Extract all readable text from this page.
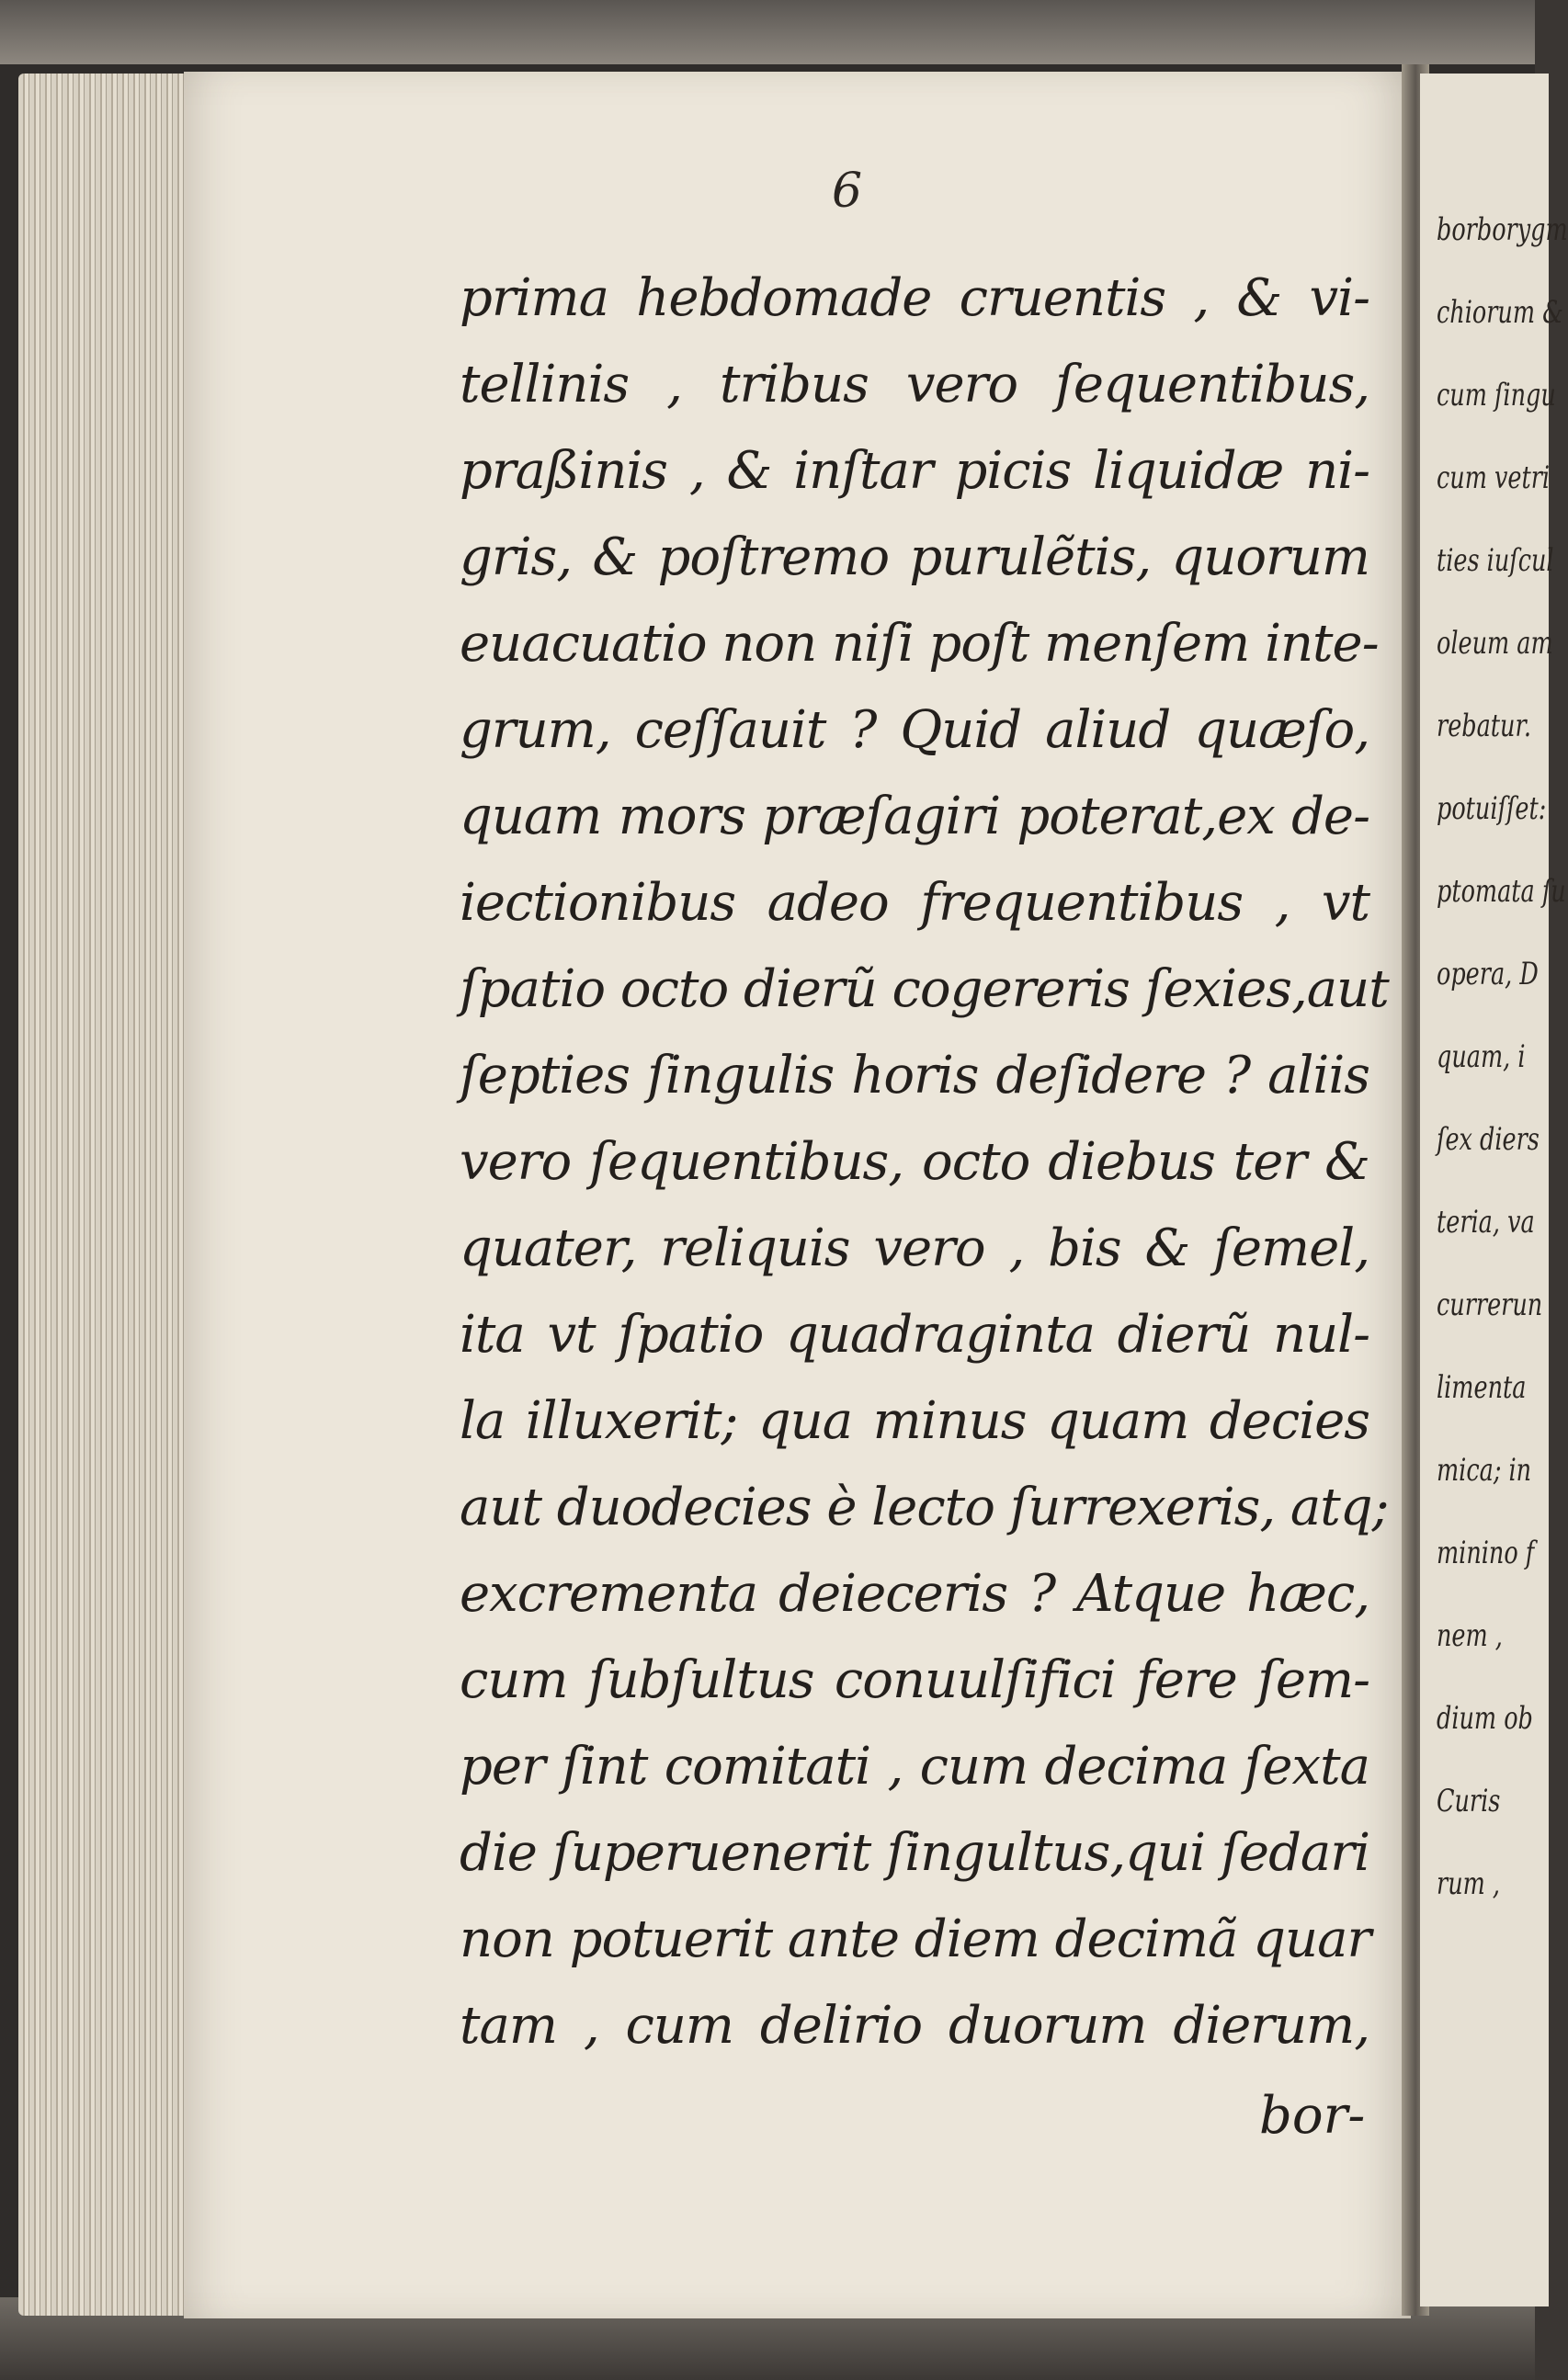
6
prima hebdomade cruentis , & vi-
tellinis , tribus vero ſequentibus,
praßinis , & inſtar picis liquidæ ni-
gris, & poſtremo purulẽtis, quorum
euacuatio non niſi poſt menſem inte-
grum, ceſſauit ? Quid aliud quæſo,
quam mors præſagiri poterat,ex de-
iectionibus adeo frequentibus , vt
ſpatio octo dierũ cogereris ſexies,aut
ſepties ſingulis horis deſidere ? aliis
vero ſequentibus, octo diebus ter &
quater, reliquis vero , bis & ſemel,
ita vt ſpatio quadraginta dierũ nul-
la illuxerit; qua minus quam decies
aut duodecies è lecto ſurrexeris, atq;
excrementa deieceris ? Atque hæc,
cum ſubſultus conuulſifici fere ſem-
per ſint comitati , cum decima ſexta
die ſuperuenerit ſingultus,qui ſedari
non potuerit ante diem decimã quar
tam , cum delirio duorum dierum,
bor-
borborygm
chiorum &
cum ſingu
cum vetri
ties iuſcul
oleum am
rebatur.
potuiſſet:
ptomata ſu
opera, D
quam, i
ſex diers
teria, va
currerun
limenta
mica; in
minino f
nem ,
dium ob
Curis
rum ,
